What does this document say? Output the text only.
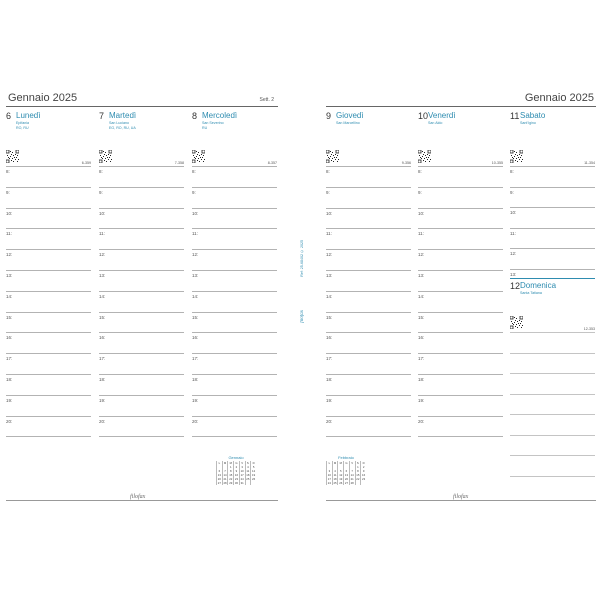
Gennaio 2025	Sett. 2
6 Lunedì
Epifania
RO, RU
6-359
8:
9:
10:
11:
12:
13:
14:
15:
16:
17:
18:
19:
20:
7 Martedì
San Luciano
EG, RO, RU, UA
7-358
8:
9:
10:
11:
12:
13:
14:
15:
16:
17:
18:
19:
20:
8 Mercoledì
San Severino
RU
8-357
8:
9:
10:
11:
12:
13:
14:
15:
16:
17:
18:
19:
20:
Gennaio
L	M	M	G	V	S	D
		1	2	3	4	5
6	7	8	9	10	11	12
13	14	15	16	17	18	19
20	21	22	23	24	25	26
27	28	29	30	31		
Gennaio 2025
9 Giovedì
San Marcellino
9-356
8:
9:
10:
11:
12:
13:
14:
15:
16:
17:
18:
19:
20:
10 Venerdì
San Aldo
10-355
8:
9:
10:
11:
12:
13:
14:
15:
16:
17:
18:
19:
20:
11 Sabato
Sant'Igino
11-354
8:
9:
10:
11:
12:
13:
12 Domenica
Santa Tatiana
12-353
Febbraio
L	M	M	G	V	S	D
					1	2
3	4	5	6	7	8	9
10	11	12	13	14	15	16
17	18	19	20	21	22	23
24	25	26	27	28		
filofax	filofax
Ref: 25-68402 © 2025
filofax
